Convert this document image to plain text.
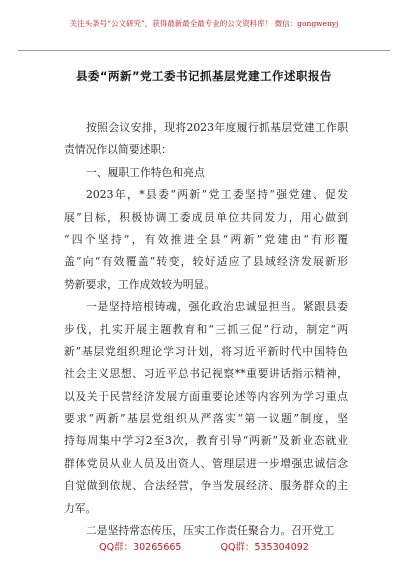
关注头条号“公文研究”，获得最新最全最专业的公文资料库！ 微信：gongwenyj
县委“两新”党工委书记抓基层党建工作述职报告
按照会议安排，现将2023年度履行抓基层党建工作职
责情况作以简要述职：
一、履职工作特色和亮点
2023年，*县委“两新”党工委坚持“强党建、促发
展”目标，积极协调工委成员单位共同发力，用心做到
“四个坚持”，有效推进全县“两新”党建由“有形覆
盖”向“有效覆盖”转变，较好适应了县域经济发展新形
势新要求，工作成效较为明显。
一是坚持培根铸魂，强化政治忠诚显担当。紧跟县委
步伐，扎实开展主题教育和“三抓三促”行动，制定“两
新”基层党组织理论学习计划，将习近平新时代中国特色
社会主义思想、习近平总书记视察**重要讲话指示精神，
以及关于民营经济发展方面重要论述等内容列为学习重点
要求“两新”基层党组织从严落实“第一议题”制度，坚
持每周集中学习2至3次，教育引导“两新”及新业态就业
群体党员从业人员及出资人、管理层进一步增强忠诚信念
自觉做到依规、合法经营，争当发展经济、服务群众的主
力军。
二是坚持常态传压，压实工作责任聚合力。召开党工
QQ群：30265665	QQ群：535304092
